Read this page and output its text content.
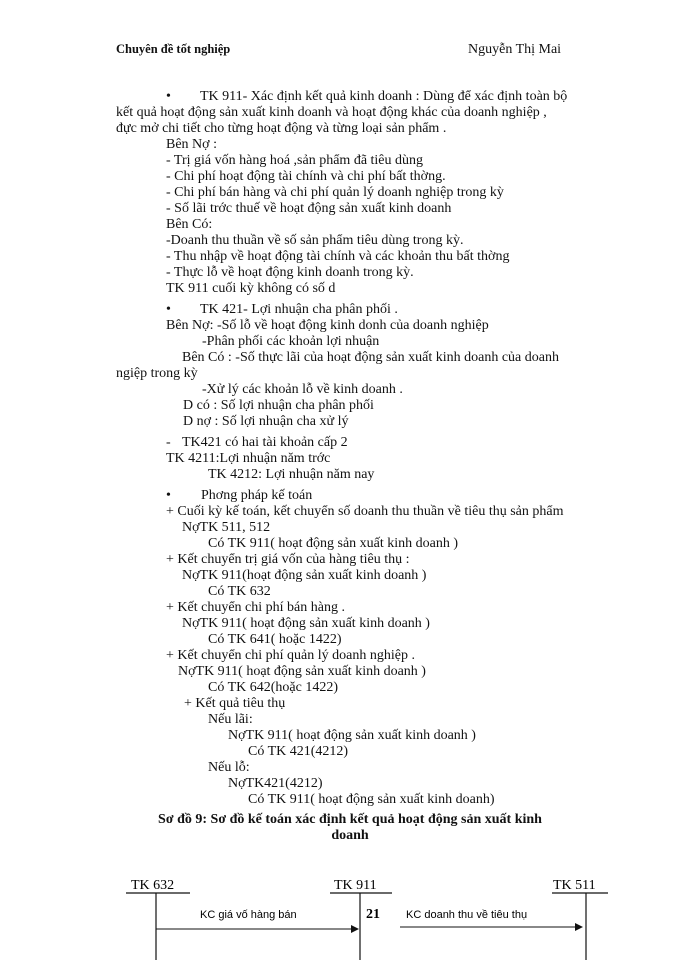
Chuyên đề tốt nghiệp	Nguyễn Thị Mai
• TK 911- Xác định kết quả kinh doanh : Dùng để xác định toàn bộ
kết quả hoạt động sản xuất kinh doanh và hoạt động khác của doanh nghiệp ,
đực mở chi tiết cho từng hoạt động và từng loại sản phẩm .
Bên Nợ :
- Trị giá vốn hàng hoá ,sản phẩm đã tiêu dùng
- Chi phí hoạt động tài chính và chi phí bất thờng.
- Chi phí bán hàng và chi phí quản lý doanh nghiệp trong kỳ
- Số lãi trớc thuế về hoạt động sản xuất kinh doanh
Bên Có:
-Doanh thu thuần về số sản phẩm tiêu dùng trong kỳ.
- Thu nhập về hoạt động tài chính và các khoản thu bất thờng
- Thực lỗ về hoạt động kinh doanh trong kỳ.
TK 911 cuối kỳ không có số d
• TK 421- Lợi nhuận cha phân phối .
Bên Nợ: -Số lỗ về hoạt động kinh donh của doanh nghiệp
-Phân phối các khoản lợi nhuận
Bên Có : -Số thực lãi của hoạt động sản xuất kinh doanh của doanh
ngiệp trong kỳ
-Xử lý các khoản lỗ về kinh doanh .
D có : Số lợi nhuận cha phân phối
D nợ : Số lợi nhuận cha xử lý
- TK421 có hai tài khoản cấp 2
TK 4211:Lợi nhuận năm trớc
TK 4212: Lợi nhuận năm nay
• Phơng pháp kế toán
+ Cuối kỳ kế toán, kết chuyển số doanh thu thuần về tiêu thụ sản phẩm
NợTK 511, 512
Có TK 911( hoạt động sản xuất kinh doanh )
+ Kết chuyển trị giá vốn của hàng tiêu thụ :
NợTK 911(hoạt động sản xuất kinh doanh )
Có TK 632
+ Kết chuyển chi phí bán hàng .
NợTK 911( hoạt động sản xuất kinh doanh )
Có TK 641( hoặc 1422)
+ Kết chuyển chi phí quản lý doanh nghiệp .
NợTK 911( hoạt động sản xuất kinh doanh )
Có TK 642(hoặc 1422)
+ Kết quả tiêu thụ
Nếu lãi:
NợTK 911( hoạt động sản xuất kinh doanh )
Có TK 421(4212)
Nếu lỗ:
NợTK421(4212)
Có TK 911( hoạt động sản xuất kinh doanh)
Sơ đồ 9: Sơ đồ kế toán xác định kết quả hoạt động sản xuất kinh
doanh
TK 632	TK 911	TK 511
KC giá vố hàng bán	KC doanh thu về tiêu thụ
21
